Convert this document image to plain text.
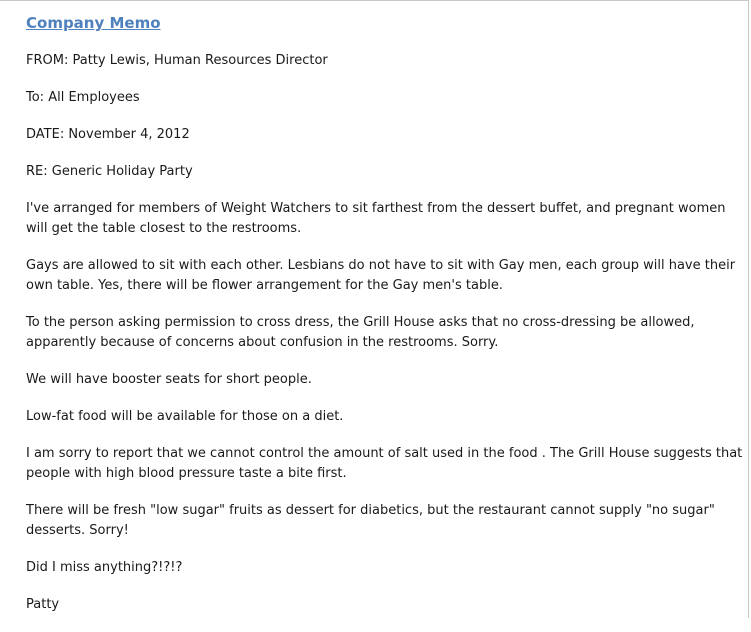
Company Memo
FROM: Patty Lewis, Human Resources Director
To: All Employees
DATE: November 4, 2012
RE: Generic Holiday Party
I've arranged for members of Weight Watchers to sit farthest from the dessert buffet, and pregnant women
will get the table closest to the restrooms.
Gays are allowed to sit with each other. Lesbians do not have to sit with Gay men, each group will have their
own table. Yes, there will be flower arrangement for the Gay men's table.
To the person asking permission to cross dress, the Grill House asks that no cross-dressing be allowed,
apparently because of concerns about confusion in the restrooms. Sorry.
We will have booster seats for short people.
Low-fat food will be available for those on a diet.
I am sorry to report that we cannot control the amount of salt used in the food . The Grill House suggests that
people with high blood pressure taste a bite first.
There will be fresh "low sugar" fruits as dessert for diabetics, but the restaurant cannot supply "no sugar"
desserts. Sorry!
Did I miss anything?!?!?
Patty
